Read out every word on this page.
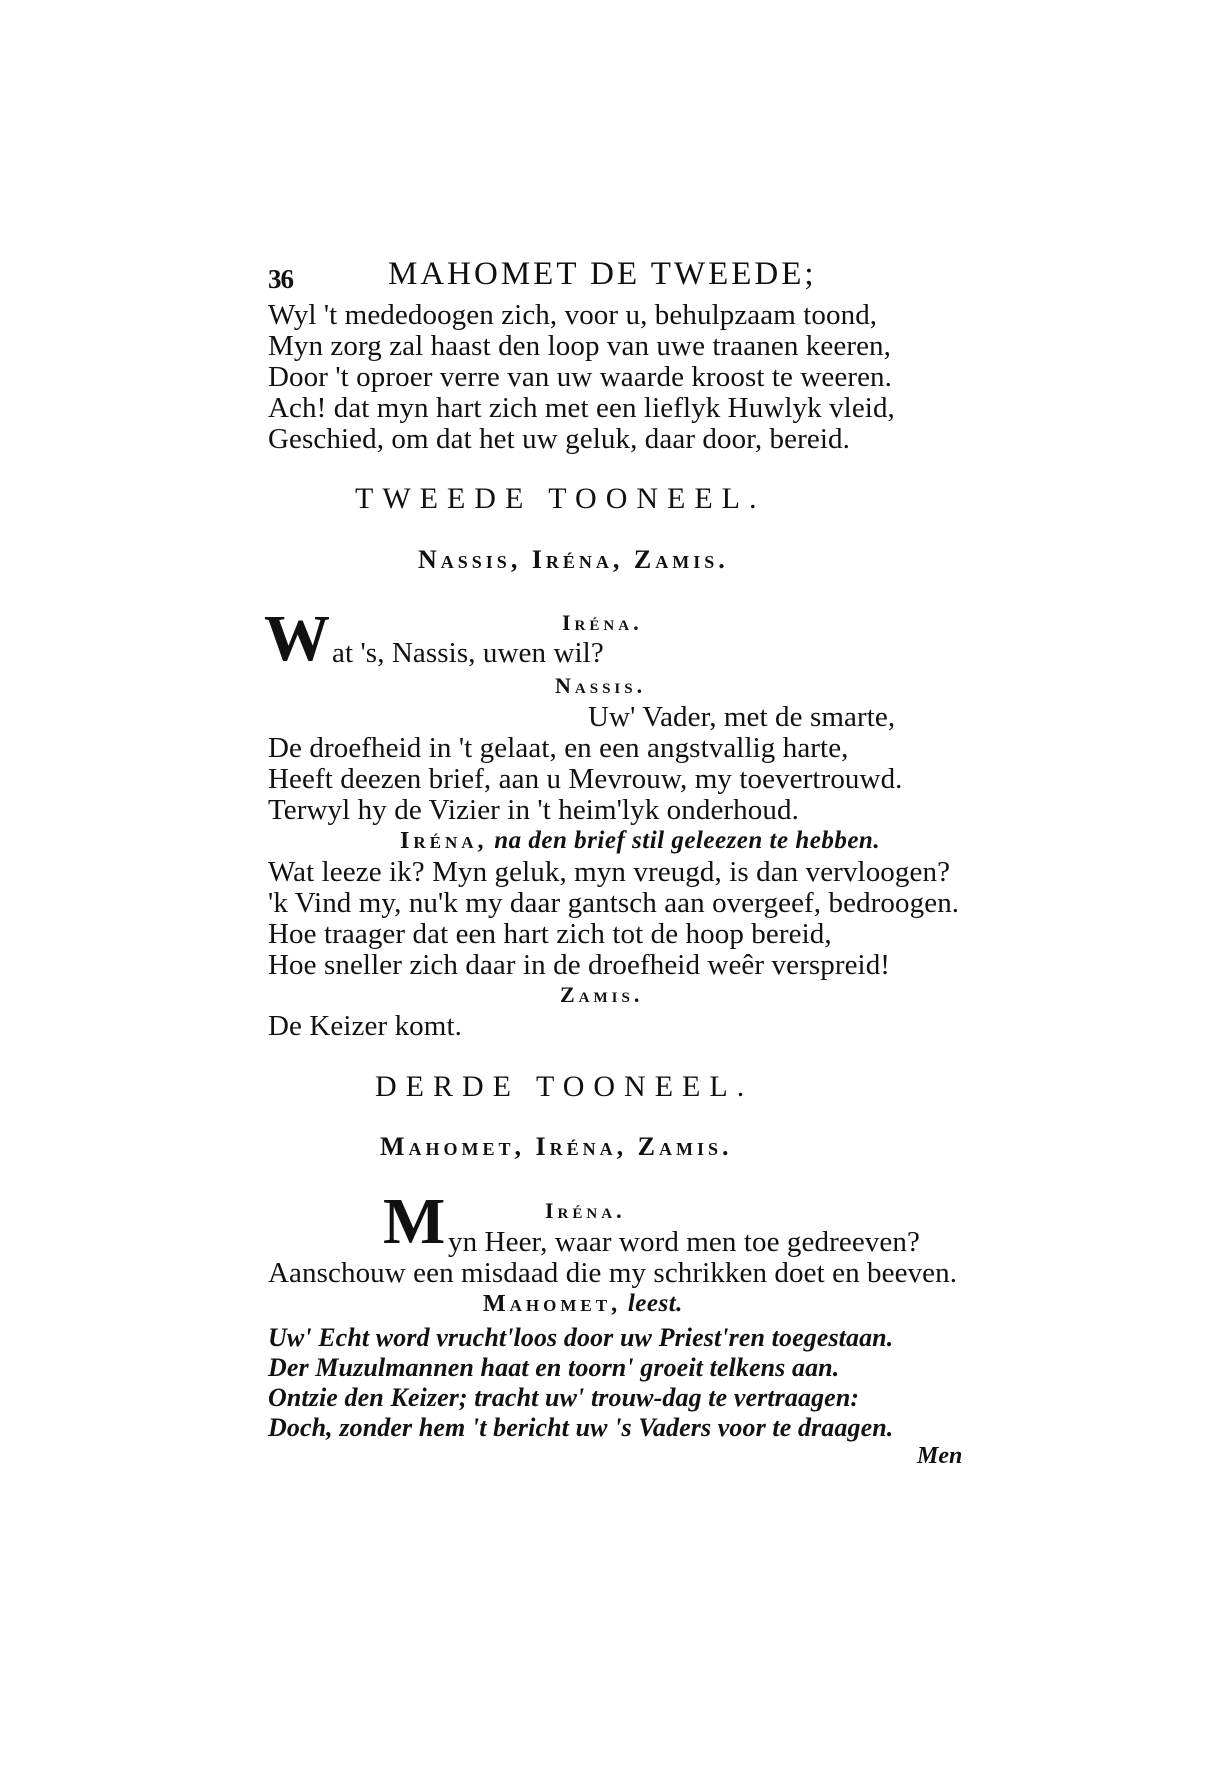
36	MAHOMET DE TWEEDE;
Wyl 't mededoogen zich, voor u, behulpzaam toond,
Myn zorg zal haast den loop van uwe traanen keeren,
Door 't oproer verre van uw waarde kroost te weeren.
Ach! dat myn hart zich met een lieflyk Huwlyk vleid,
Geschied, om dat het uw geluk, daar door, bereid.
TWEEDE TOONEEL.
Nassis, Iréna, Zamis.
Iréna.
W at 's, Nassis, uwen wil?
Nassis.
Uw' Vader, met de smarte,
De droefheid in 't gelaat, en een angstvallig harte,
Heeft deezen brief, aan u Mevrouw, my toevertrouwd.
Terwyl hy de Vizier in 't heim'lyk onderhoud.
Iréna, na den brief stil geleezen te hebben.
Wat leeze ik? Myn geluk, myn vreugd, is dan vervloogen?
'k Vind my, nu'k my daar gantsch aan overgeef, bedroogen.
Hoe traager dat een hart zich tot de hoop bereid,
Hoe sneller zich daar in de droefheid weêr verspreid!
Zamis.
De Keizer komt.
DERDE TOONEEL.
Mahomet, Iréna, Zamis.
Iréna.
M yn Heer, waar word men toe gedreeven?
Aanschouw een misdaad die my schrikken doet en beeven.
Mahomet, leest.
Uw' Echt word vrucht'loos door uw Priest'ren toegestaan.
Der Muzulmannen haat en toorn' groeit telkens aan.
Ontzie den Keizer; tracht uw' trouw-dag te vertraagen:
Doch, zonder hem 't bericht uw 's Vaders voor te draagen.
Men
